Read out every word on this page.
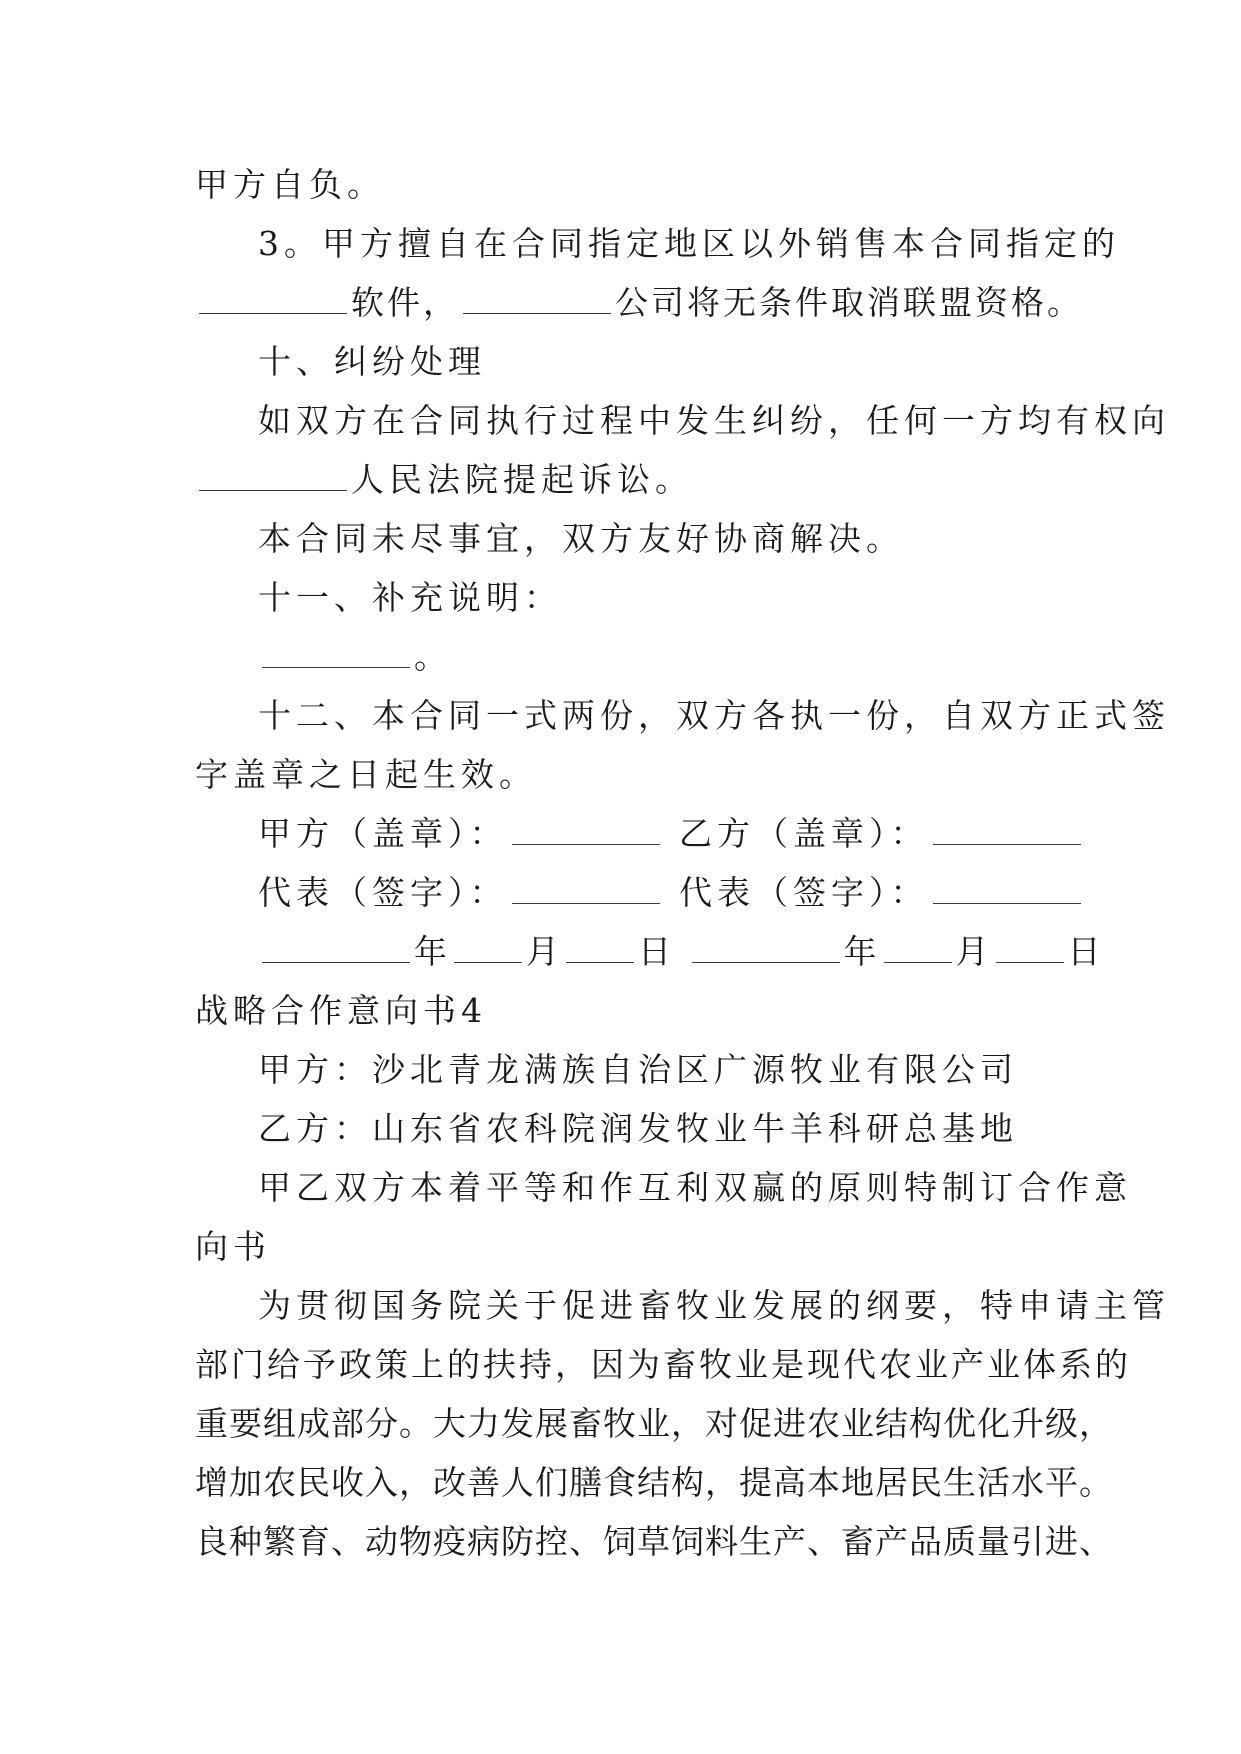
甲方自负。
3。甲方擅自在合同指定地区以外销售本合同指定的
软件，	公司将无条件取消联盟资格。
十、纠纷处理
如双方在合同执行过程中发生纠纷，任何一方均有权向
人民法院提起诉讼。
本合同未尽事宜，双方友好协商解决。
十一、补充说明：
。
十二、本合同一式两份，双方各执一份，自双方正式签
字盖章之日起生效。
甲方（盖章）：	乙方（盖章）：
代表（签字）：	代表（签字）：
年 月 日	年 月 日
战略合作意向书4
甲方：沙北青龙满族自治区广源牧业有限公司
乙方：山东省农科院润发牧业牛羊科研总基地
甲乙双方本着平等和作互利双赢的原则特制订合作意
向书
为贯彻国务院关于促进畜牧业发展的纲要，特申请主管
部门给予政策上的扶持，因为畜牧业是现代农业产业体系的
重要组成部分。大力发展畜牧业，对促进农业结构优化升级，
增加农民收入，改善人们膳食结构，提高本地居民生活水平。
良种繁育、动物疫病防控、饲草饲料生产、畜产品质量引进、
